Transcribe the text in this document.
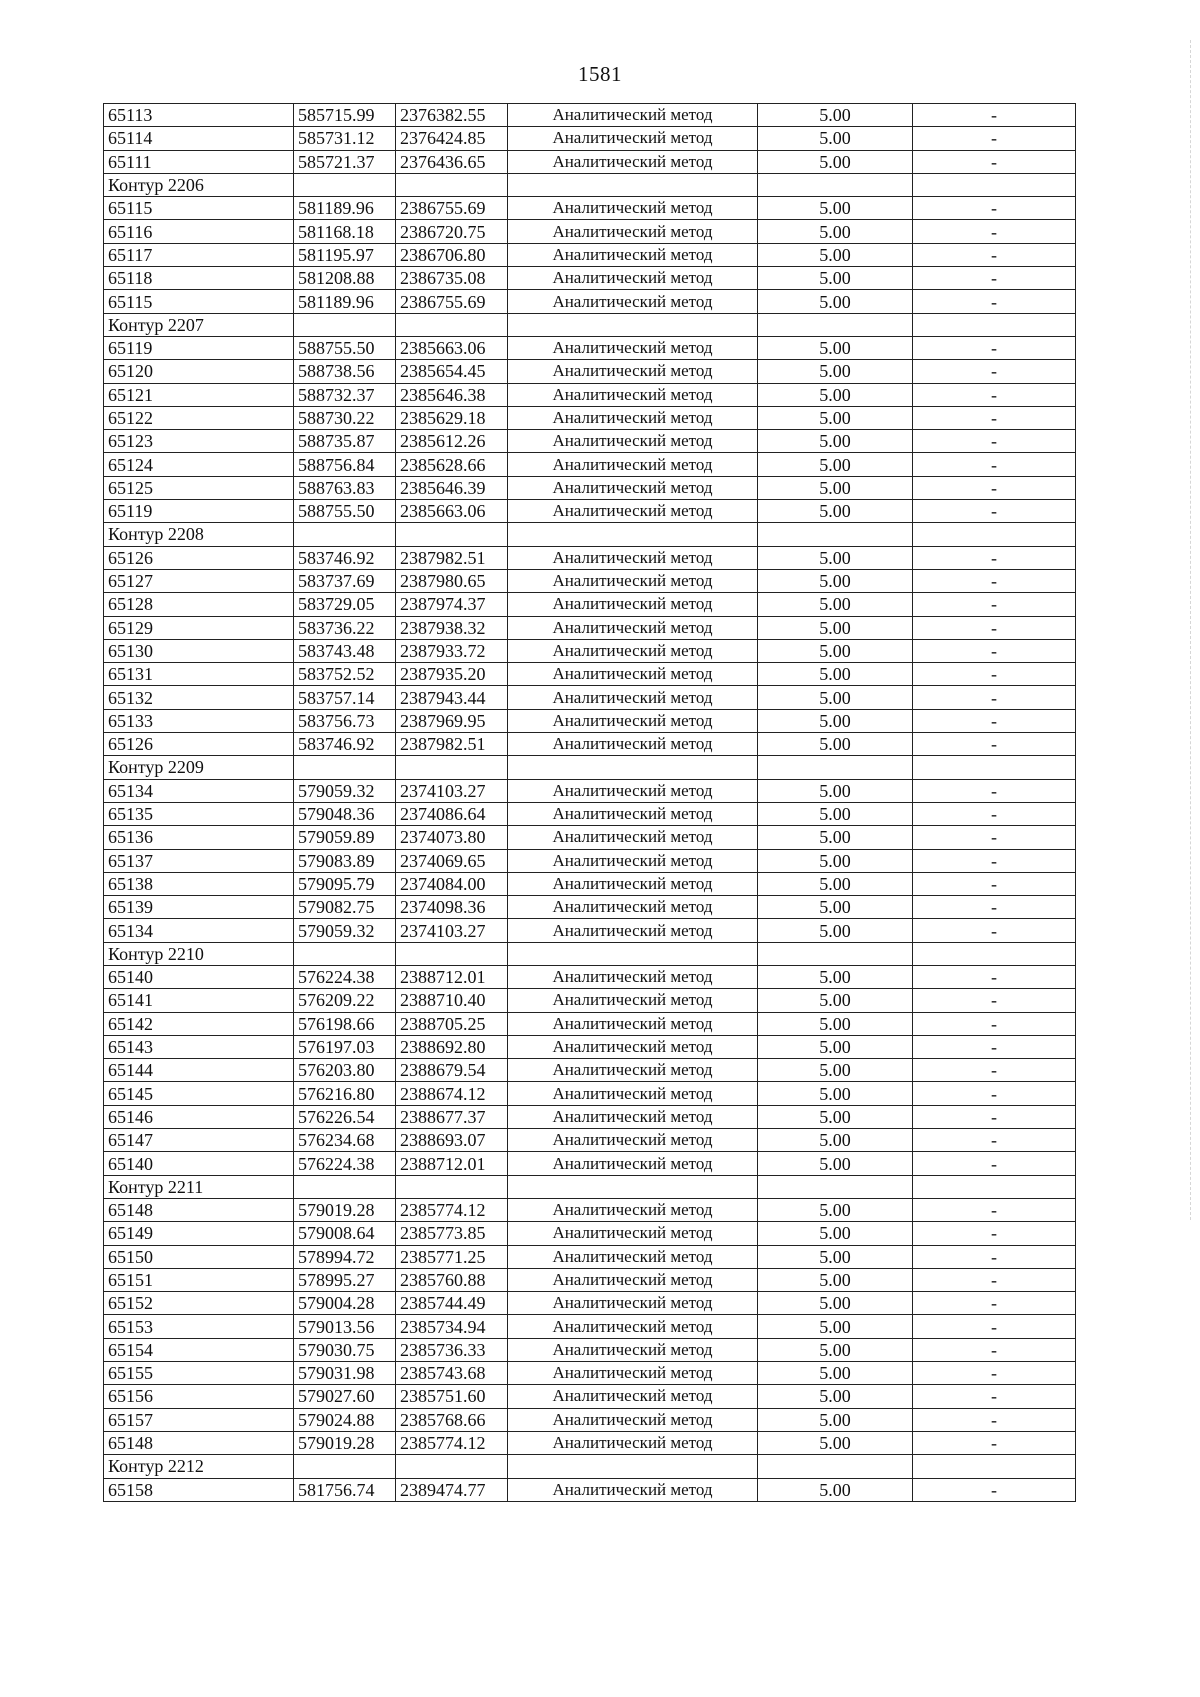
1581
65113	585715.99	2376382.55	Аналитический метод	5.00	-
65114	585731.12	2376424.85	Аналитический метод	5.00	-
65111	585721.37	2376436.65	Аналитический метод	5.00	-
Контур 2206					
65115	581189.96	2386755.69	Аналитический метод	5.00	-
65116	581168.18	2386720.75	Аналитический метод	5.00	-
65117	581195.97	2386706.80	Аналитический метод	5.00	-
65118	581208.88	2386735.08	Аналитический метод	5.00	-
65115	581189.96	2386755.69	Аналитический метод	5.00	-
Контур 2207					
65119	588755.50	2385663.06	Аналитический метод	5.00	-
65120	588738.56	2385654.45	Аналитический метод	5.00	-
65121	588732.37	2385646.38	Аналитический метод	5.00	-
65122	588730.22	2385629.18	Аналитический метод	5.00	-
65123	588735.87	2385612.26	Аналитический метод	5.00	-
65124	588756.84	2385628.66	Аналитический метод	5.00	-
65125	588763.83	2385646.39	Аналитический метод	5.00	-
65119	588755.50	2385663.06	Аналитический метод	5.00	-
Контур 2208					
65126	583746.92	2387982.51	Аналитический метод	5.00	-
65127	583737.69	2387980.65	Аналитический метод	5.00	-
65128	583729.05	2387974.37	Аналитический метод	5.00	-
65129	583736.22	2387938.32	Аналитический метод	5.00	-
65130	583743.48	2387933.72	Аналитический метод	5.00	-
65131	583752.52	2387935.20	Аналитический метод	5.00	-
65132	583757.14	2387943.44	Аналитический метод	5.00	-
65133	583756.73	2387969.95	Аналитический метод	5.00	-
65126	583746.92	2387982.51	Аналитический метод	5.00	-
Контур 2209					
65134	579059.32	2374103.27	Аналитический метод	5.00	-
65135	579048.36	2374086.64	Аналитический метод	5.00	-
65136	579059.89	2374073.80	Аналитический метод	5.00	-
65137	579083.89	2374069.65	Аналитический метод	5.00	-
65138	579095.79	2374084.00	Аналитический метод	5.00	-
65139	579082.75	2374098.36	Аналитический метод	5.00	-
65134	579059.32	2374103.27	Аналитический метод	5.00	-
Контур 2210					
65140	576224.38	2388712.01	Аналитический метод	5.00	-
65141	576209.22	2388710.40	Аналитический метод	5.00	-
65142	576198.66	2388705.25	Аналитический метод	5.00	-
65143	576197.03	2388692.80	Аналитический метод	5.00	-
65144	576203.80	2388679.54	Аналитический метод	5.00	-
65145	576216.80	2388674.12	Аналитический метод	5.00	-
65146	576226.54	2388677.37	Аналитический метод	5.00	-
65147	576234.68	2388693.07	Аналитический метод	5.00	-
65140	576224.38	2388712.01	Аналитический метод	5.00	-
Контур 2211					
65148	579019.28	2385774.12	Аналитический метод	5.00	-
65149	579008.64	2385773.85	Аналитический метод	5.00	-
65150	578994.72	2385771.25	Аналитический метод	5.00	-
65151	578995.27	2385760.88	Аналитический метод	5.00	-
65152	579004.28	2385744.49	Аналитический метод	5.00	-
65153	579013.56	2385734.94	Аналитический метод	5.00	-
65154	579030.75	2385736.33	Аналитический метод	5.00	-
65155	579031.98	2385743.68	Аналитический метод	5.00	-
65156	579027.60	2385751.60	Аналитический метод	5.00	-
65157	579024.88	2385768.66	Аналитический метод	5.00	-
65148	579019.28	2385774.12	Аналитический метод	5.00	-
Контур 2212					
65158	581756.74	2389474.77	Аналитический метод	5.00	-
